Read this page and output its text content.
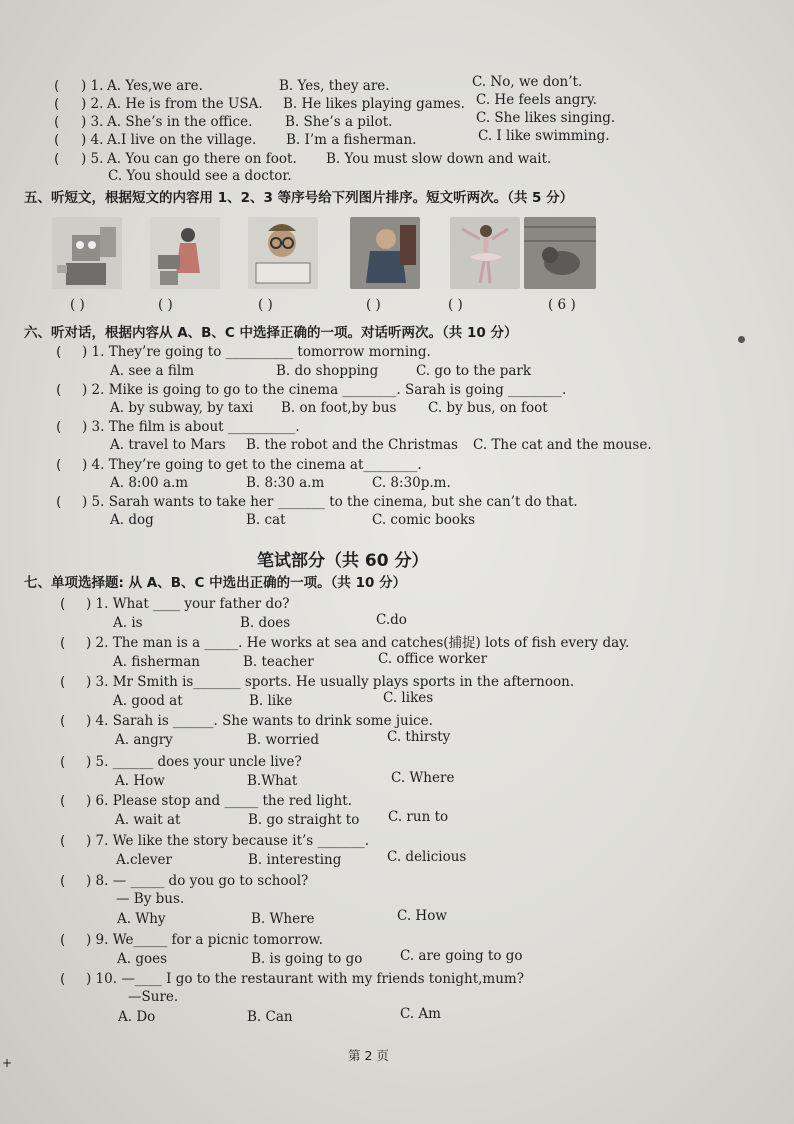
( ) 1. A. Yes,we are.	B. Yes, they are.	C. No, we don’t.
( ) 2. A. He is from the USA. B. He likes playing games. C. He feels angry.
( ) 3. A. She’s in the office. B. She’s a pilot.	C. She likes singing.
( ) 4. A.I live on the village. B. I’m a fisherman.	C. I like swimming.
( ) 5. A. You can go there on foot. B. You must slow down and wait.
C. You should see a doctor.
五、听短文，根据短文的内容用 1、2、3 等序号给下列图片排序。短文听两次。（共 5 分）
( )	( )	( )	( )	( )	( 6 )
六、听对话，根据内容从 A、B、C 中选择正确的一项。对话听两次。（共 10 分）
( ) 1. They’re going to __________ tomorrow morning.
A. see a film	B. do shopping	C. go to the park
( ) 2. Mike is going to go to the cinema ________. Sarah is going ________.
A. by subway, by taxi B. on foot,by bus C. by bus, on foot
( ) 3. The film is about __________.
A. travel to Mars B. the robot and the Christmas C. The cat and the mouse.
( ) 4. They’re going to get to the cinema at________.
A. 8:00 a.m	B. 8:30 a.m	C. 8:30p.m.
( ) 5. Sarah wants to take her _______ to the cinema, but she can’t do that.
A. dog	B. cat	C. comic books
笔试部分（共 60 分）
七、单项选择题: 从 A、B、C 中选出正确的一项。（共 10 分）
( ) 1. What ____ your father do?
A. is	B. does	C.do
( ) 2. The man is a _____. He works at sea and catches(捕捉) lots of fish every day.
A. fisherman	B. teacher	C. office worker
( ) 3. Mr Smith is_______ sports. He usually plays sports in the afternoon.
A. good at	B. like	C. likes
( ) 4. Sarah is ______. She wants to drink some juice.
A. angry	B. worried	C. thirsty
( ) 5. ______ does your uncle live?
A. How	B.What	C. Where
( ) 6. Please stop and _____ the red light.
A. wait at	B. go straight to C. run to
( ) 7. We like the story because it’s _______.
A.clever	B. interesting	C. delicious
( ) 8. — _____ do you go to school?
— By bus.
A. Why	B. Where	C. How
( ) 9. We_____ for a picnic tomorrow.
A. goes	B. is going to go	C. are going to go
( ) 10. —____ I go to the restaurant with my friends tonight,mum?
—Sure.
A. Do	B. Can	C. Am
第 2 页
+
